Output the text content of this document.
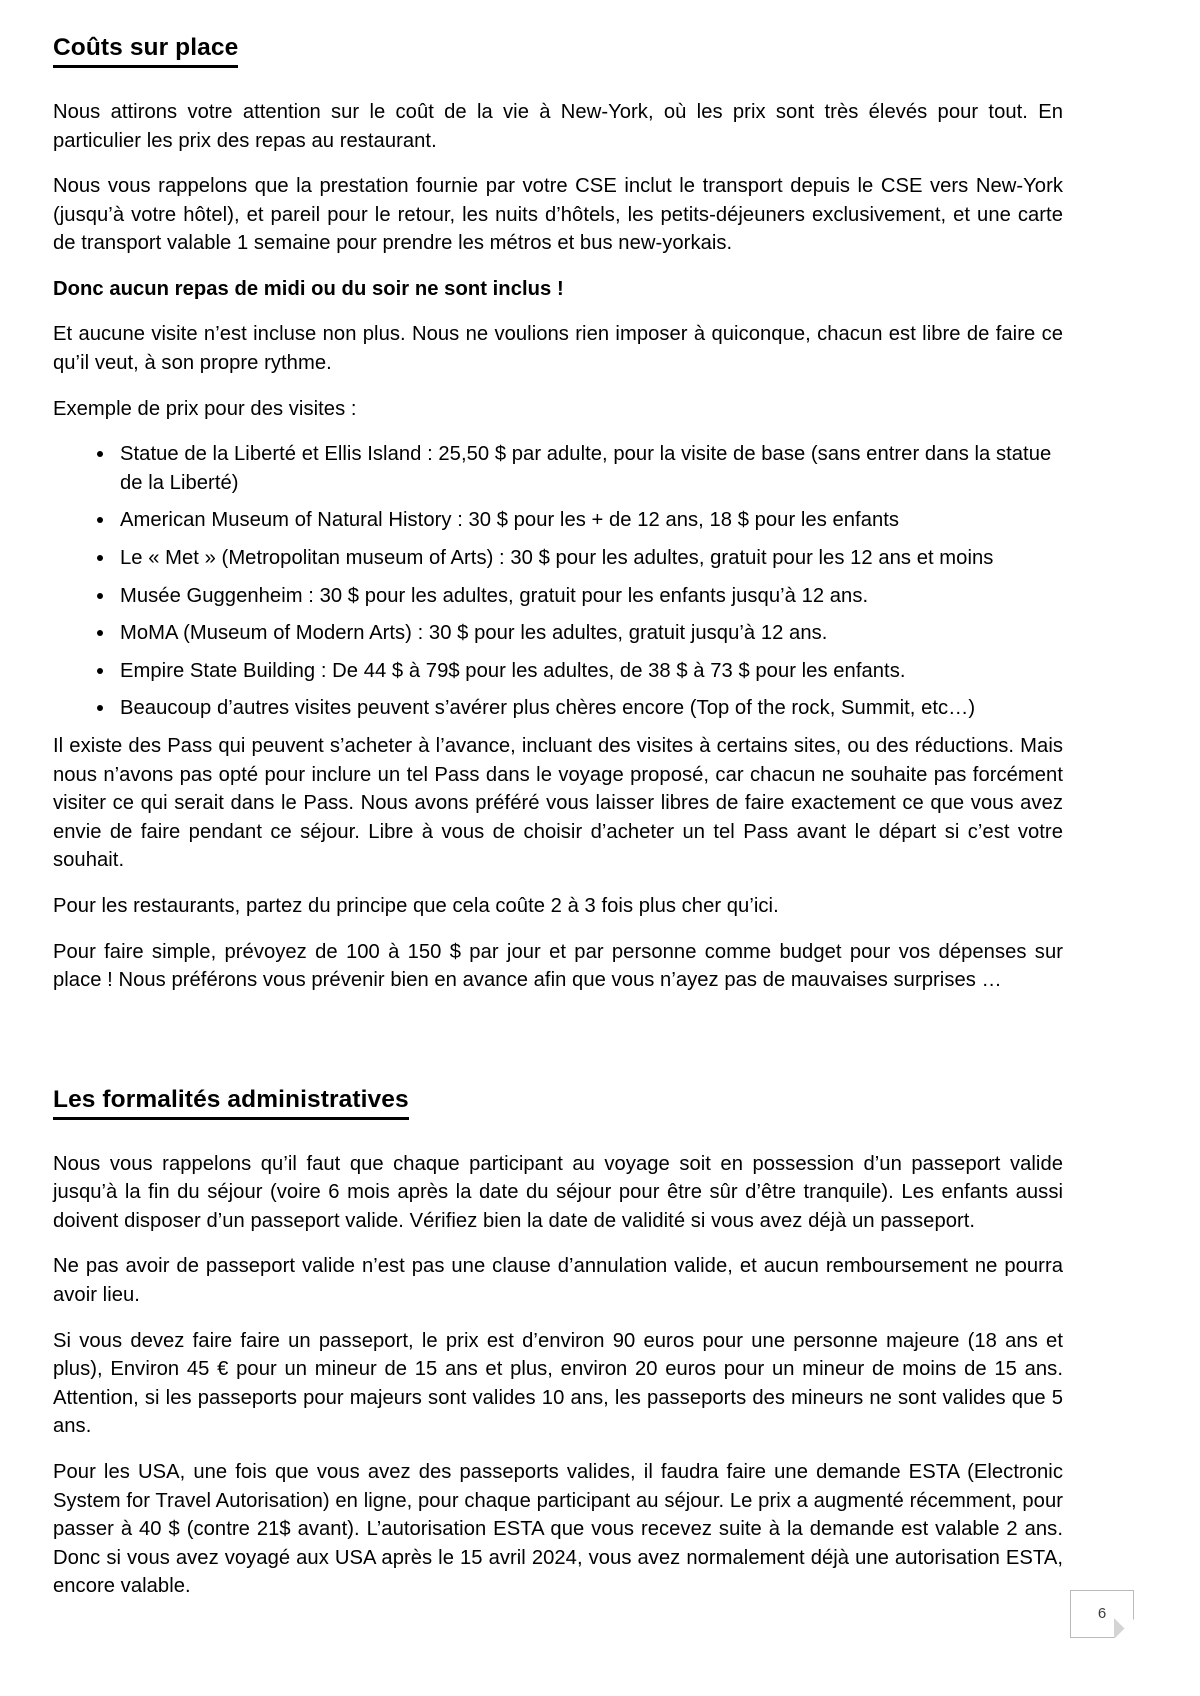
Coûts sur place

Nous attirons votre attention sur le coût de la vie à New-York, où les prix sont très élevés pour tout. En particulier les prix des repas au restaurant.

Nous vous rappelons que la prestation fournie par votre CSE inclut le transport depuis le CSE vers New-York (jusqu’à votre hôtel), et pareil pour le retour, les nuits d’hôtels, les petits-déjeuners exclusivement, et une carte de transport valable 1 semaine pour prendre les métros et bus new-yorkais.

Donc aucun repas de midi ou du soir ne sont inclus !

Et aucune visite n’est incluse non plus. Nous ne voulions rien imposer à quiconque, chacun est libre de faire ce qu’il veut, à son propre rythme.

Exemple de prix pour des visites :

Statue de la Liberté et Ellis Island : 25,50 $ par adulte, pour la visite de base (sans entrer dans la statue de la Liberté)
American Museum of Natural History : 30 $ pour les + de 12 ans, 18 $ pour les enfants
Le « Met » (Metropolitan museum of Arts) : 30 $ pour les adultes, gratuit pour les 12 ans et moins
Musée Guggenheim : 30 $ pour les adultes, gratuit pour les enfants jusqu’à 12 ans.
MoMA (Museum of Modern Arts) : 30 $ pour les adultes, gratuit jusqu’à 12 ans.
Empire State Building : De 44 $ à 79$ pour les adultes, de 38 $ à 73 $ pour les enfants.
Beaucoup d’autres visites peuvent s’avérer plus chères encore (Top of the rock, Summit, etc…)

Il existe des Pass qui peuvent s’acheter à l’avance, incluant des visites à certains sites, ou des réductions. Mais nous n’avons pas opté pour inclure un tel Pass dans le voyage proposé, car chacun ne souhaite pas forcément visiter ce qui serait dans le Pass. Nous avons préféré vous laisser libres de faire exactement ce que vous avez envie de faire pendant ce séjour. Libre à vous de choisir d’acheter un tel Pass avant le départ si c’est votre souhait.

Pour les restaurants, partez du principe que cela coûte 2 à 3 fois plus cher qu’ici.

Pour faire simple, prévoyez de 100 à 150 $ par jour et par personne comme budget pour vos dépenses sur place ! Nous préférons vous prévenir bien en avance afin que vous n’ayez pas de mauvaises surprises …

Les formalités administratives

Nous vous rappelons qu’il faut que chaque participant au voyage soit en possession d’un passeport valide jusqu’à la fin du séjour (voire 6 mois après la date du séjour pour être sûr d’être tranquile). Les enfants aussi doivent disposer d’un passeport valide. Vérifiez bien la date de validité si vous avez déjà un passeport.

Ne pas avoir de passeport valide n’est pas une clause d’annulation valide, et aucun remboursement ne pourra avoir lieu.

Si vous devez faire faire un passeport, le prix est d’environ 90 euros pour une personne majeure (18 ans et plus), Environ 45 € pour un mineur de 15 ans et plus, environ 20 euros pour un mineur de moins de 15 ans. Attention, si les passeports pour majeurs sont valides 10 ans, les passeports des mineurs ne sont valides que 5 ans.

Pour les USA, une fois que vous avez des passeports valides, il faudra faire une demande ESTA (Electronic System for Travel Autorisation) en ligne, pour chaque participant au séjour. Le prix a augmenté récemment, pour passer à 40 $ (contre 21$ avant). L’autorisation ESTA que vous recevez suite à la demande est valable 2 ans. Donc si vous avez voyagé aux USA après le 15 avril 2024, vous avez normalement déjà une autorisation ESTA, encore valable.

6
